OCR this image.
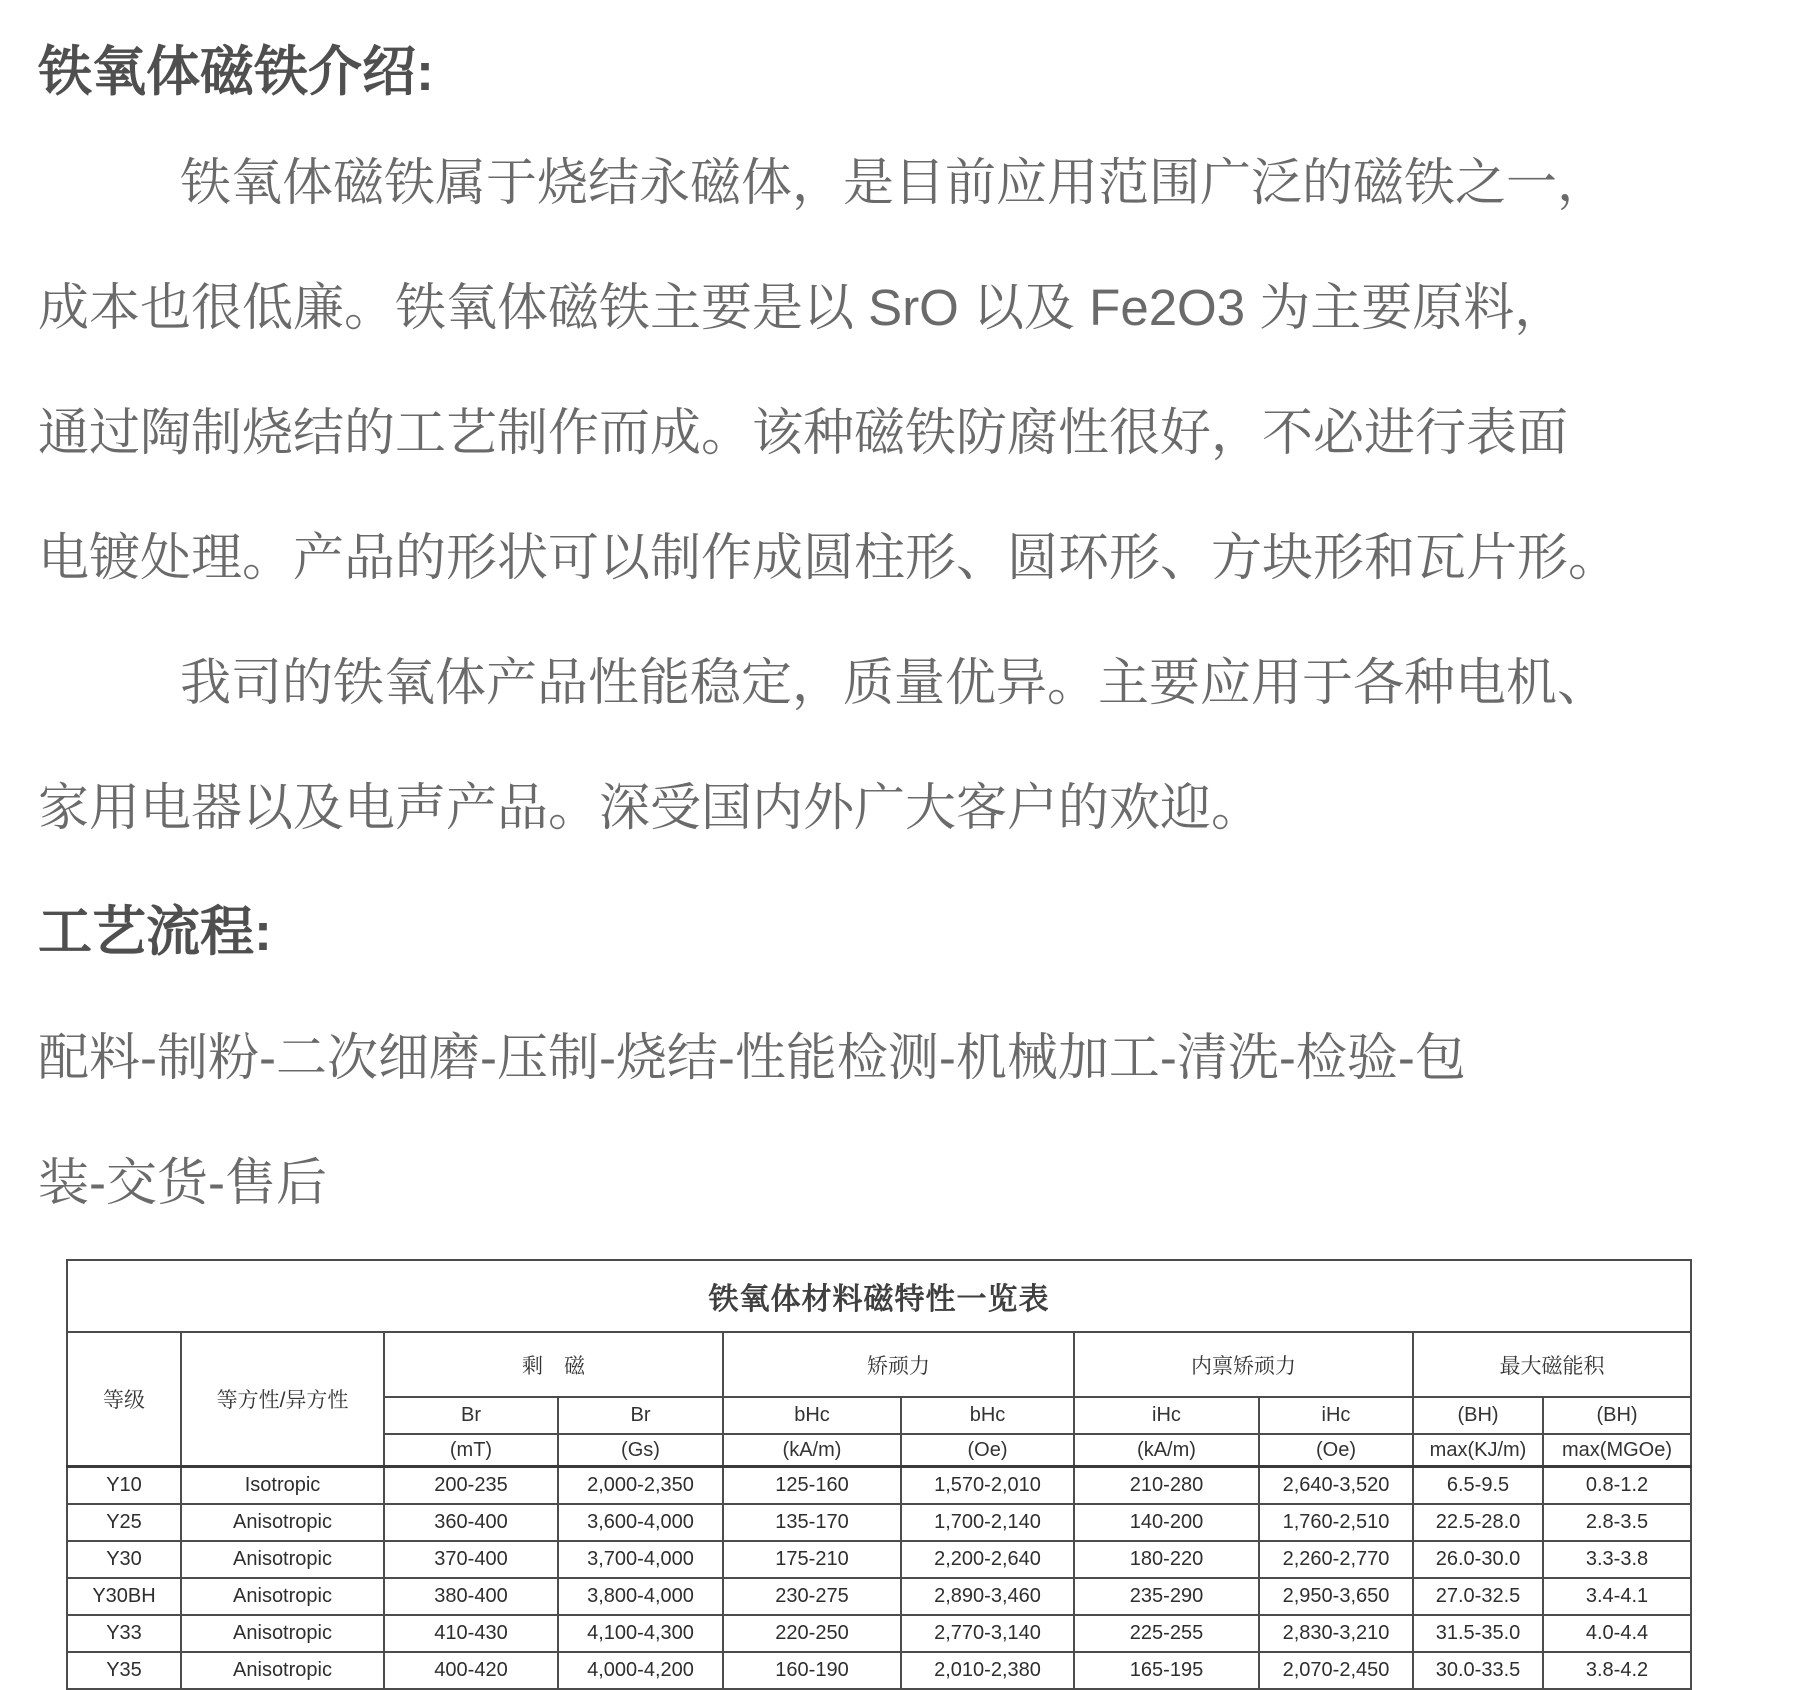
铁氧体磁铁介绍:
铁氧体磁铁属于烧结永磁体，是目前应用范围广泛的磁铁之一，
成本也很低廉。铁氧体磁铁主要是以 SrO 以及 Fe2O3 为主要原料，
通过陶制烧结的工艺制作而成。该种磁铁防腐性很好，不必进行表面
电镀处理。产品的形状可以制作成圆柱形、圆环形、方块形和瓦片形。
我司的铁氧体产品性能稳定，质量优异。主要应用于各种电机、
家用电器以及电声产品。深受国内外广大客户的欢迎。
工艺流程:
配料-制粉-二次细磨-压制-烧结-性能检测-机械加工-清洗-检验-包
装-交货-售后
铁氧体材料磁特性一览表									
等级	等方性/异方性	剩　磁		矫顽力		内禀矫顽力		最大磁能积	
		Br	Br	bHc	bHc	iHc	iHc	(BH)	(BH)
		(mT)	(Gs)	(kA/m)	(Oe)	(kA/m)	(Oe)	max(KJ/m)	max(MGOe)
Y10	Isotropic	200-235	2,000-2,350	125-160	1,570-2,010	210-280	2,640-3,520	6.5-9.5	0.8-1.2
Y25	Anisotropic	360-400	3,600-4,000	135-170	1,700-2,140	140-200	1,760-2,510	22.5-28.0	2.8-3.5
Y30	Anisotropic	370-400	3,700-4,000	175-210	2,200-2,640	180-220	2,260-2,770	26.0-30.0	3.3-3.8
Y30BH	Anisotropic	380-400	3,800-4,000	230-275	2,890-3,460	235-290	2,950-3,650	27.0-32.5	3.4-4.1
Y33	Anisotropic	410-430	4,100-4,300	220-250	2,770-3,140	225-255	2,830-3,210	31.5-35.0	4.0-4.4
Y35	Anisotropic	400-420	4,000-4,200	160-190	2,010-2,380	165-195	2,070-2,450	30.0-33.5	3.8-4.2
